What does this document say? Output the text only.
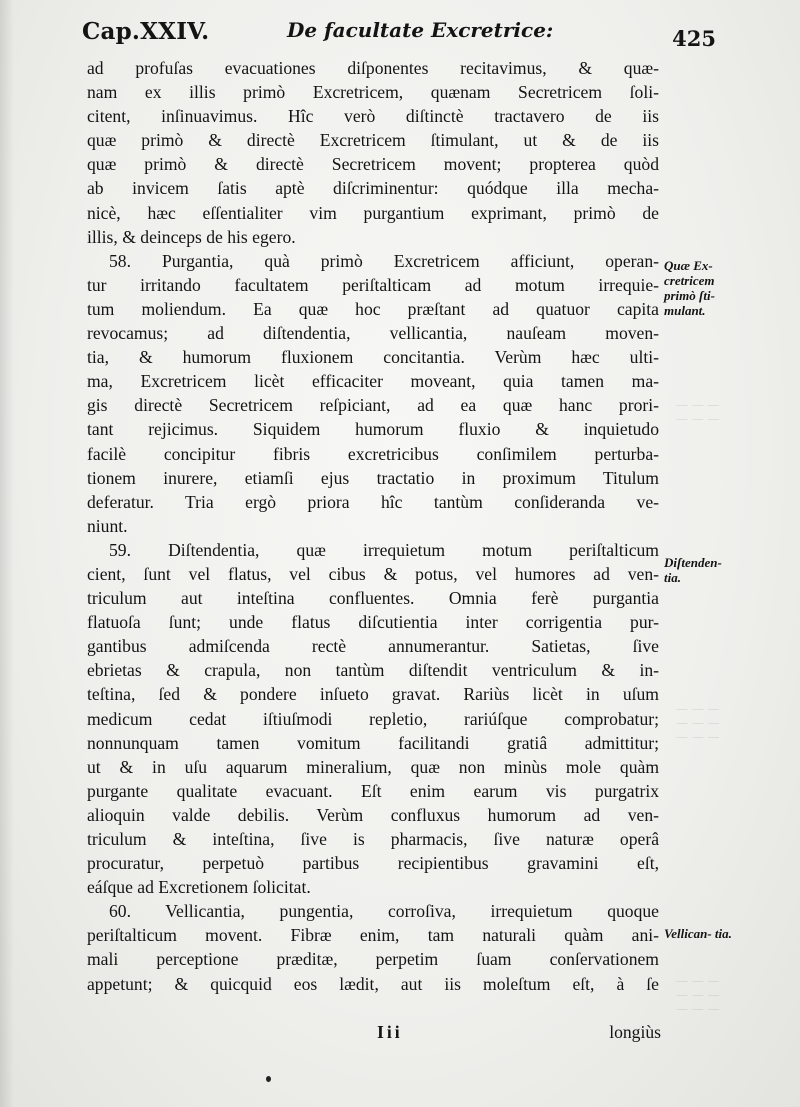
Cap.XXIV.	De facultate Excretrice:	425
ad profuſas evacuationes diſponentes recitavimus, & quæ-
nam ex illis primò Excretricem, quænam Secretricem ſoli-
citent, inſinuavimus. Hîc verò diſtinctè tractavero de iis
quæ primò & directè Excretricem ſtimulant, ut & de iis
quæ primò & directè Secretricem movent; propterea quòd
ab invicem ſatis aptè diſcriminentur: quódque illa mecha-
nicè, hæc eſſentialiter vim purgantium exprimant, primò de
illis, & deinceps de his egero.
58. Purgantia, quà primò Excretricem afficiunt, operan-
tur irritando facultatem periſtalticam ad motum irrequie-
tum moliendum. Ea quæ hoc præſtant ad quatuor capita
revocamus; ad diſtendentia, vellicantia, nauſeam moven-
tia, & humorum fluxionem concitantia. Verùm hæc ulti-
ma, Excretricem licèt efficaciter moveant, quia tamen ma-
gis directè Secretricem reſpiciant, ad ea quæ hanc prori-
tant rejicimus. Siquidem humorum fluxio & inquietudo
facilè concipitur fibris excretricibus conſimilem perturba-
tionem inurere, etiamſi ejus tractatio in proximum Titulum
deferatur. Tria ergò priora hîc tantùm conſideranda ve-
niunt.
59. Diſtendentia, quæ irrequietum motum periſtalticum
cient, ſunt vel flatus, vel cibus & potus, vel humores ad ven-
triculum aut inteſtina confluentes. Omnia ferè purgantia
flatuoſa ſunt; unde flatus diſcutientia inter corrigentia pur-
gantibus admiſcenda rectè annumerantur. Satietas, ſive
ebrietas & crapula, non tantùm diſtendit ventriculum & in-
teſtina, ſed & pondere inſueto gravat. Rariùs licèt in uſum
medicum cedat iſtiuſmodi repletio, rariúſque comprobatur;
nonnunquam tamen vomitum facilitandi gratiâ admittitur;
ut & in uſu aquarum mineralium, quæ non minùs mole quàm
purgante qualitate evacuant. Eſt enim earum vis purgatrix
alioquin valde debilis. Verùm confluxus humorum ad ven-
triculum & inteſtina, ſive is pharmacis, ſive naturæ operâ
procuratur, perpetuò partibus recipientibus gravamini eſt,
eáſque ad Excretionem ſolicitat.
60. Vellicantia, pungentia, corroſiva, irrequietum quoque
periſtalticum movent. Fibræ enim, tam naturali quàm ani-
mali perceptione præditæ, perpetim ſuam conſervationem
appetunt; & quicquid eos lædit, aut iis moleſtum eſt, à ſe
Quæ Ex- cretricem primò ſti- mulant.
Diſtenden- tia.
Vellican- tia.
— — —
— — —
— — —
— — —
— — —
— — —
— — —
— — —
Iii	longiùs
